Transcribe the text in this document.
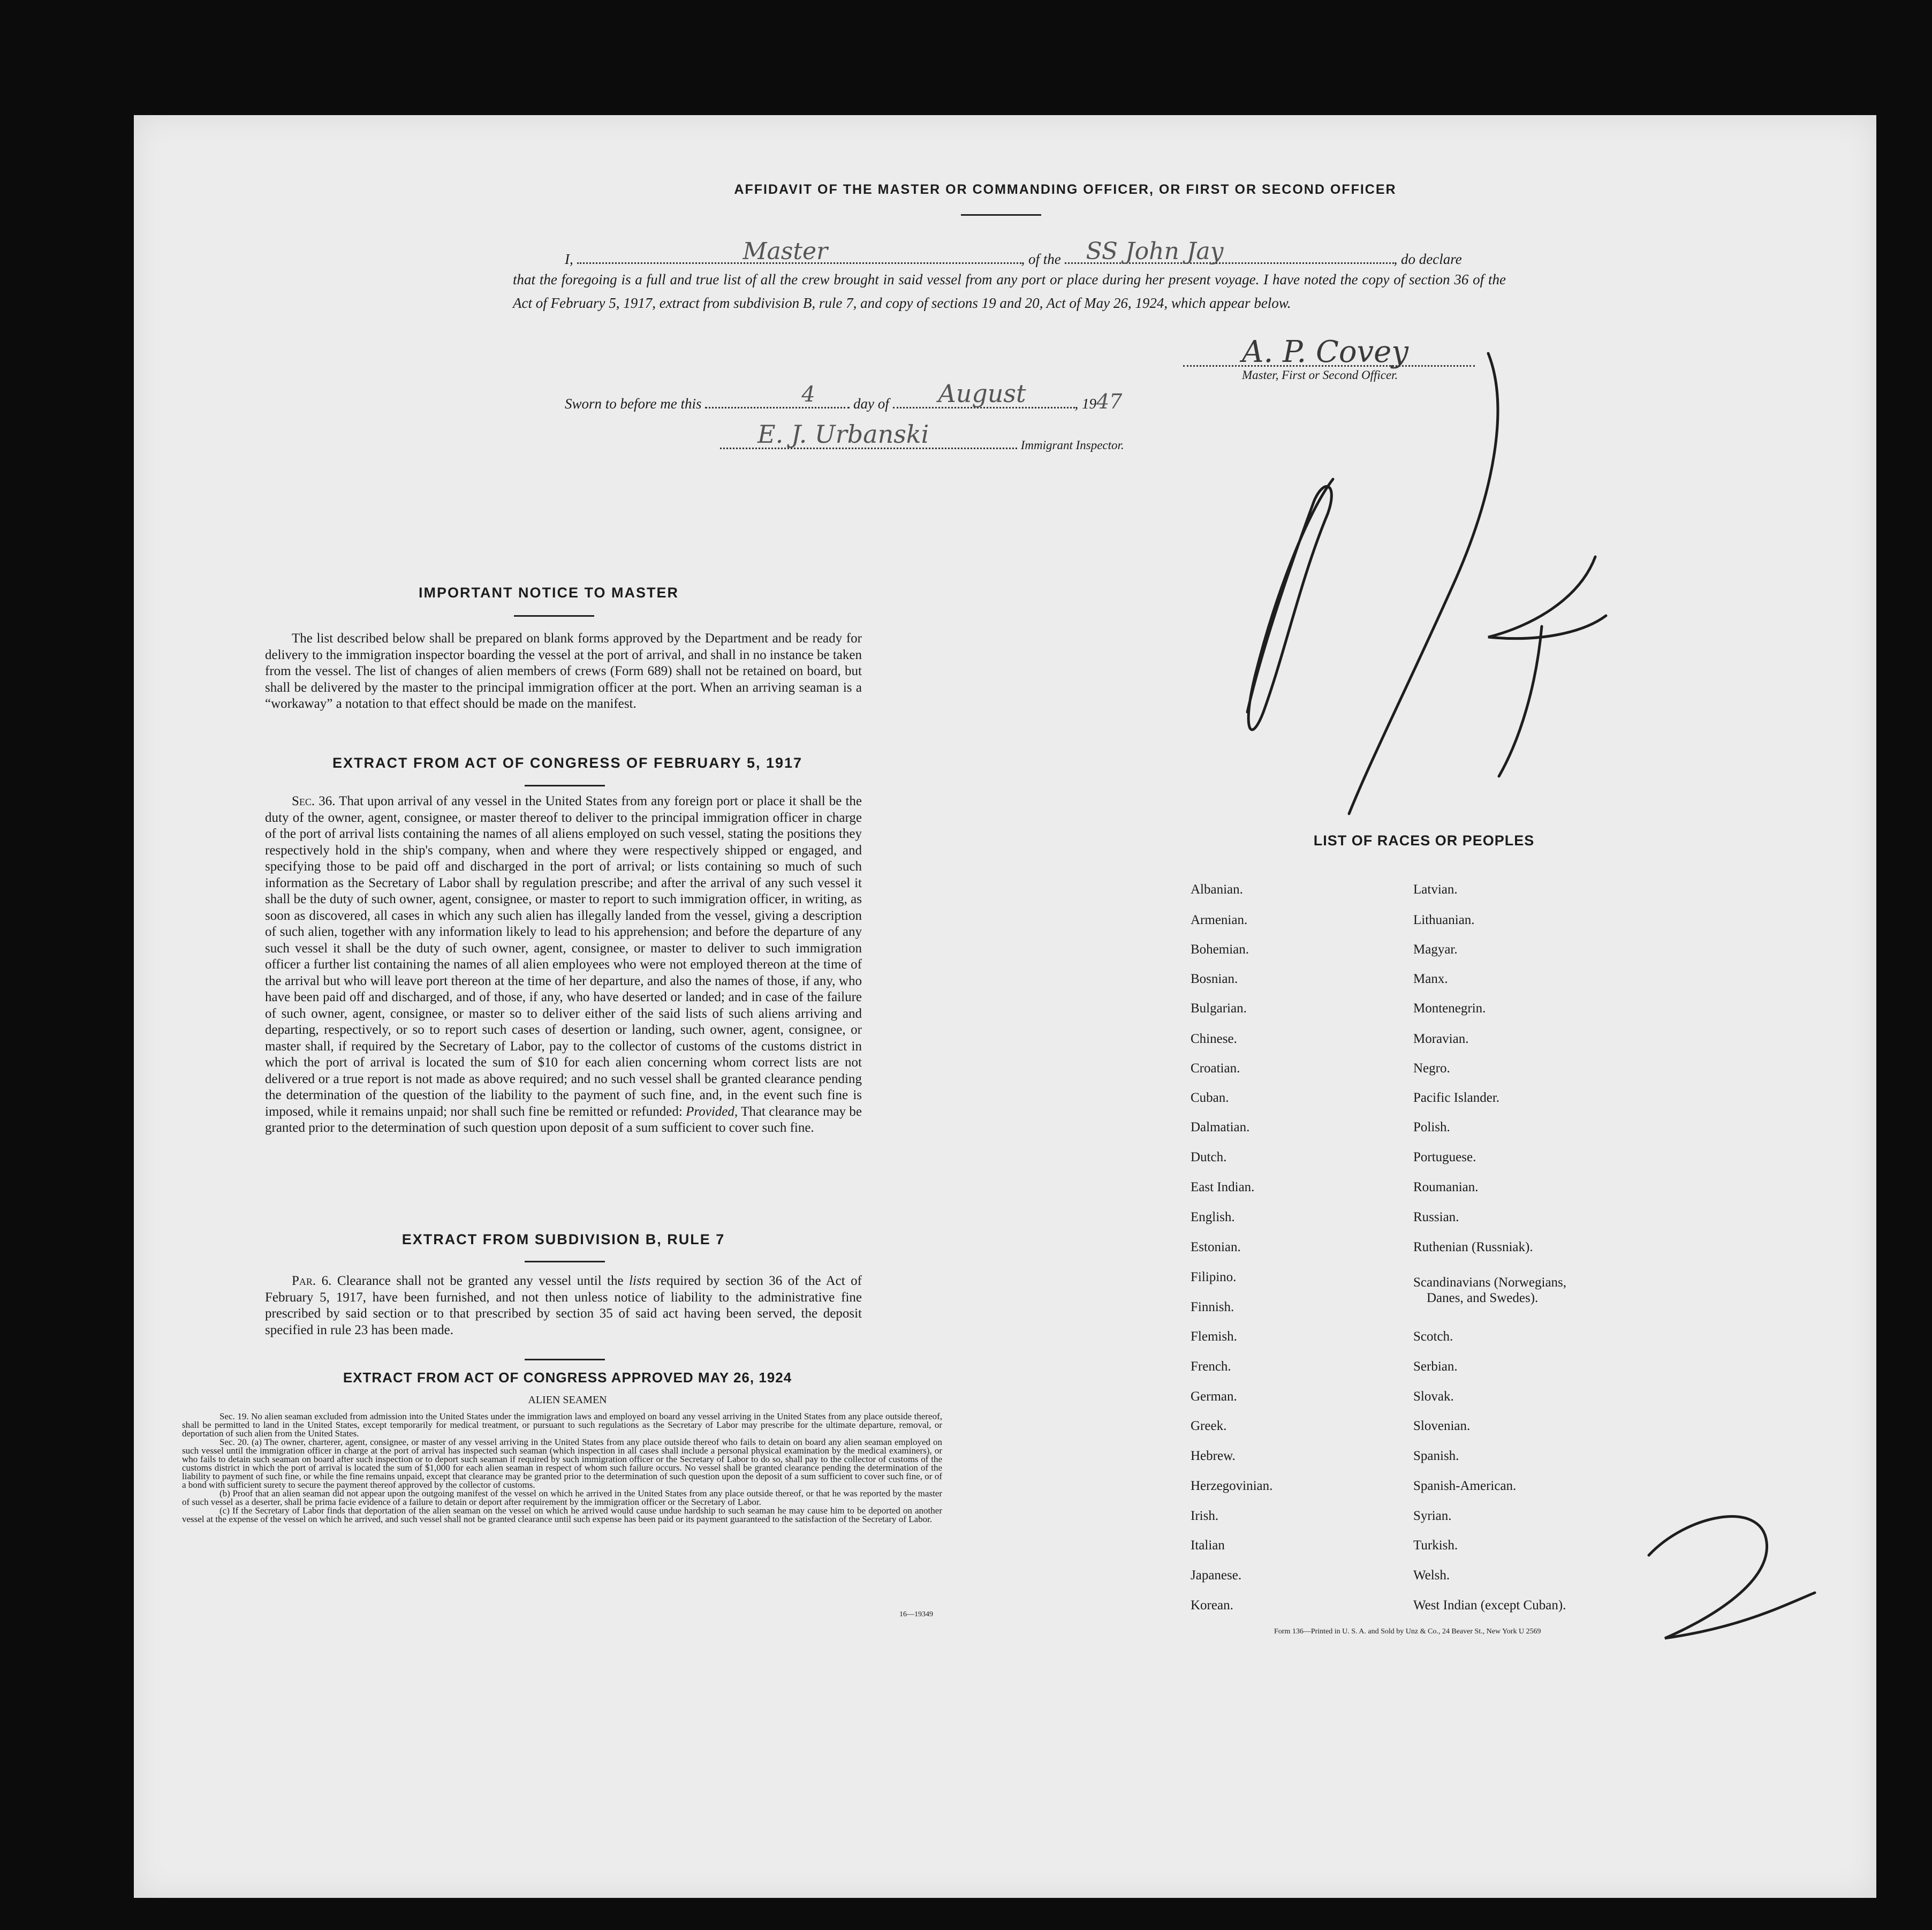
AFFIDAVIT OF THE MASTER OR COMMANDING OFFICER, OR FIRST OR SECOND OFFICER
I,	Master	, of the SS John Jay	, do declare
that the foregoing is a full and true list of all the crew brought in said vessel from any port or place during her present voyage. I have noted the copy of section 36 of the Act of February 5, 1917, extract from subdivision B, rule 7, and copy of sections 19 and 20, Act of May 26, 1924, which appear below.
A. P. Covey
Master, First or Second Officer.
Sworn to before me this	4	day of August	, 1947
E. J. Urbanski	Immigrant Inspector.
IMPORTANT NOTICE TO MASTER
The list described below shall be prepared on blank forms approved by the Department and be ready for delivery to the immigration inspector boarding the vessel at the port of arrival, and shall in no instance be taken from the vessel. The list of changes of alien members of crews (Form 689) shall not be retained on board, but shall be delivered by the master to the principal immigration officer at the port. When an arriving seaman is a “workaway” a notation to that effect should be made on the manifest.
EXTRACT FROM ACT OF CONGRESS OF FEBRUARY 5, 1917
Sec. 36. That upon arrival of any vessel in the United States from any foreign port or place it shall be the duty of the owner, agent, consignee, or master thereof to deliver to the principal immigration officer in charge of the port of arrival lists containing the names of all aliens employed on such vessel, stating the positions they respectively hold in the ship's company, when and where they were respectively shipped or engaged, and specifying those to be paid off and discharged in the port of arrival; or lists containing so much of such information as the Secretary of Labor shall by regulation prescribe; and after the arrival of any such vessel it shall be the duty of such owner, agent, consignee, or master to report to such immigration officer, in writing, as soon as discovered, all cases in which any such alien has illegally landed from the vessel, giving a description of such alien, together with any information likely to lead to his apprehension; and before the departure of any such vessel it shall be the duty of such owner, agent, consignee, or master to deliver to such immigration officer a further list containing the names of all alien employees who were not employed thereon at the time of the arrival but who will leave port thereon at the time of her departure, and also the names of those, if any, who have been paid off and discharged, and of those, if any, who have deserted or landed; and in case of the failure of such owner, agent, consignee, or master so to deliver either of the said lists of such aliens arriving and departing, respectively, or so to report such cases of desertion or landing, such owner, agent, consignee, or master shall, if required by the Secretary of Labor, pay to the collector of customs of the customs district in which the port of arrival is located the sum of $10 for each alien concerning whom correct lists are not delivered or a true report is not made as above required; and no such vessel shall be granted clearance pending the determination of the question of the liability to the payment of such fine, and, in the event such fine is imposed, while it remains unpaid; nor shall such fine be remitted or refunded: Provided, That clearance may be granted prior to the determination of such question upon deposit of a sum sufficient to cover such fine.
EXTRACT FROM SUBDIVISION B, RULE 7
Par. 6. Clearance shall not be granted any vessel until the lists required by section 36 of the Act of February 5, 1917, have been furnished, and not then unless notice of liability to the administrative fine prescribed by said section or to that prescribed by section 35 of said act having been served, the deposit specified in rule 23 has been made.
EXTRACT FROM ACT OF CONGRESS APPROVED MAY 26, 1924
ALIEN SEAMEN
Sec. 19. No alien seaman excluded from admission into the United States under the immigration laws and employed on board any vessel arriving in the United States from any place outside thereof, shall be permitted to land in the United States, except temporarily for medical treatment, or pursuant to such regulations as the Secretary of Labor may prescribe for the ultimate departure, removal, or deportation of such alien from the United States.
Sec. 20. (a) The owner, charterer, agent, consignee, or master of any vessel arriving in the United States from any place outside thereof who fails to detain on board any alien seaman employed on such vessel until the immigration officer in charge at the port of arrival has inspected such seaman (which inspection in all cases shall include a personal physical examination by the medical examiners), or who fails to detain such seaman on board after such inspection or to deport such seaman if required by such immigration officer or the Secretary of Labor to do so, shall pay to the collector of customs of the customs district in which the port of arrival is located the sum of $1,000 for each alien seaman in respect of whom such failure occurs. No vessel shall be granted clearance pending the determination of the liability to payment of such fine, or while the fine remains unpaid, except that clearance may be granted prior to the determination of such question upon the deposit of a sum sufficient to cover such fine, or of a bond with sufficient surety to secure the payment thereof approved by the collector of customs.
(b) Proof that an alien seaman did not appear upon the outgoing manifest of the vessel on which he arrived in the United States from any place outside thereof, or that he was reported by the master of such vessel as a deserter, shall be prima facie evidence of a failure to detain or deport after requirement by the immigration officer or the Secretary of Labor.
(c) If the Secretary of Labor finds that deportation of the alien seaman on the vessel on which he arrived would cause undue hardship to such seaman he may cause him to be deported on another vessel at the expense of the vessel on which he arrived, and such vessel shall not be granted clearance until such expense has been paid or its payment guaranteed to the satisfaction of the Secretary of Labor.
16—19349
LIST OF RACES OR PEOPLES
Albanian.
Armenian.
Bohemian.
Bosnian.
Bulgarian.
Chinese.
Croatian.
Cuban.
Dalmatian.
Dutch.
East Indian.
English.
Estonian.
Filipino.
Finnish.
Flemish.
French.
German.
Greek.
Hebrew.
Herzegovinian.
Irish.
Italian
Japanese.
Korean.
Latvian.
Lithuanian.
Magyar.
Manx.
Montenegrin.
Moravian.
Negro.
Pacific Islander.
Polish.
Portuguese.
Roumanian.
Russian.
Ruthenian (Russniak).
Scandinavians (Norwegians,
Danes, and Swedes).
Scotch.
Serbian.
Slovak.
Slovenian.
Spanish.
Spanish-American.
Syrian.
Turkish.
Welsh.
West Indian (except Cuban).
Form 136—Printed in U. S. A. and Sold by Unz & Co., 24 Beaver St., New York U 2569
